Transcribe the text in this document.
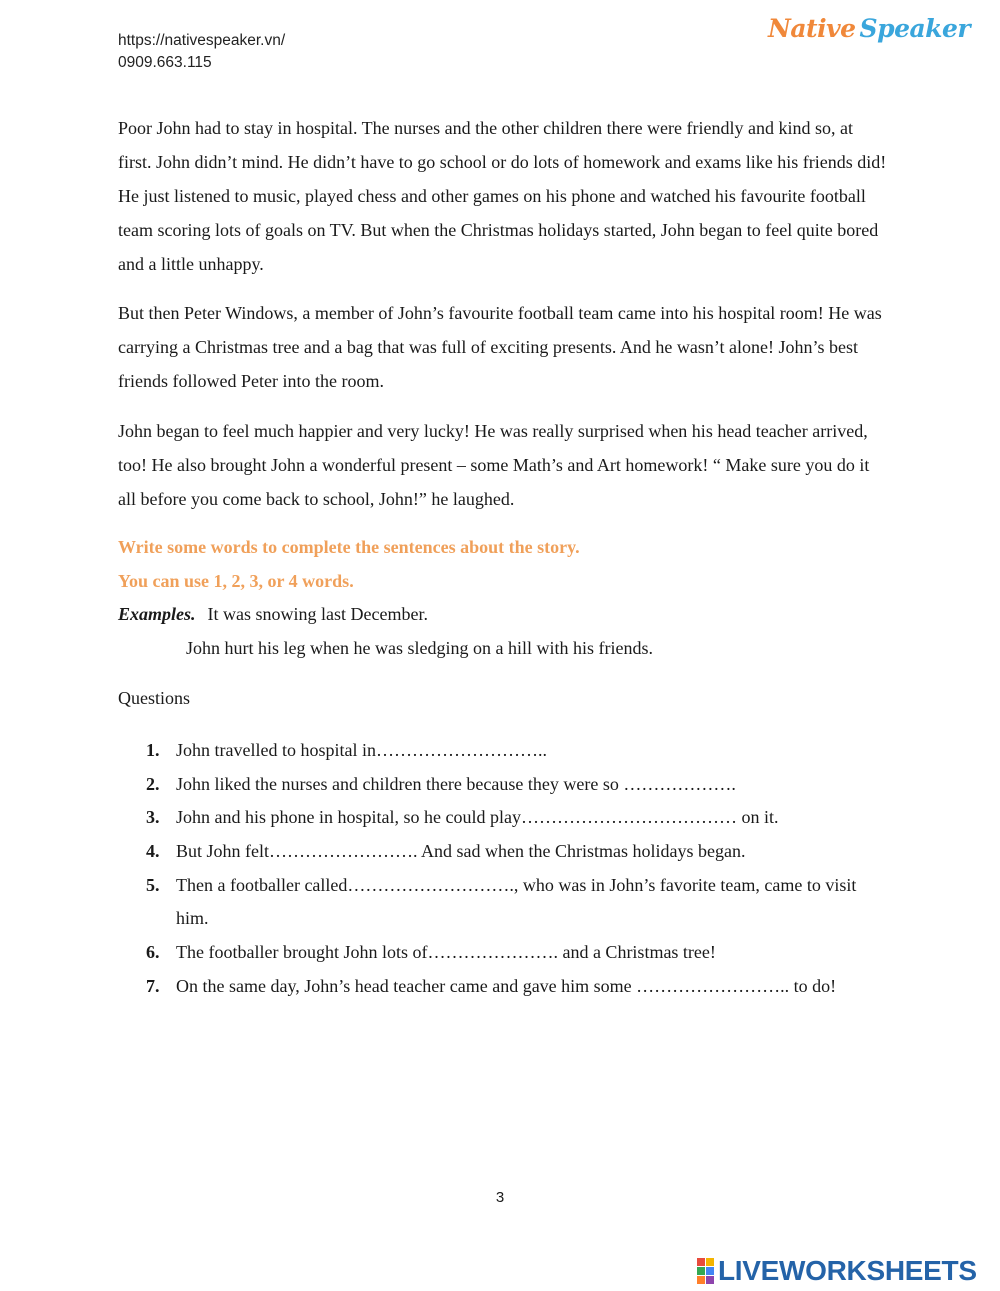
https://nativespeaker.vn/
0909.663.115
Native Speaker

Poor John had to stay in hospital. The nurses and the other children there were friendly and kind so, at first. John didn’t mind. He didn’t have to go school or do lots of homework and exams like his friends did! He just listened to music, played chess and other games on his phone and watched his favourite football team scoring lots of goals on TV. But when the Christmas holidays started, John began to feel quite bored and a little unhappy.

But then Peter Windows, a member of John’s favourite football team came into his hospital room! He was carrying a Christmas tree and a bag that was full of exciting presents. And he wasn’t alone! John’s best friends followed Peter into the room.

John began to feel much happier and very lucky! He was really surprised when his head teacher arrived, too! He also brought John a wonderful present – some Math’s and Art homework! “ Make sure you do it all before you come back to school, John!” he laughed.

Write some words to complete the sentences about the story.

You can use 1, 2, 3, or 4 words.

Examples. It was snowing last December.
John hurt his leg when he was sledging on a hill with his friends.
Questions
1. John travelled to hospital in………………………..
2. John liked the nurses and children there because they were so ……………….
3. John and his phone in hospital, so he could play……………………………… on it.
4. But John felt……………………. And sad when the Christmas holidays began.
5. Then a footballer called………………………., who was in John’s favorite team, came to visit him.
6. The footballer brought John lots of…………………. and a Christmas tree!
7. On the same day, John’s head teacher came and gave him some …………………….. to do!
3
LIVEWORKSHEETS
